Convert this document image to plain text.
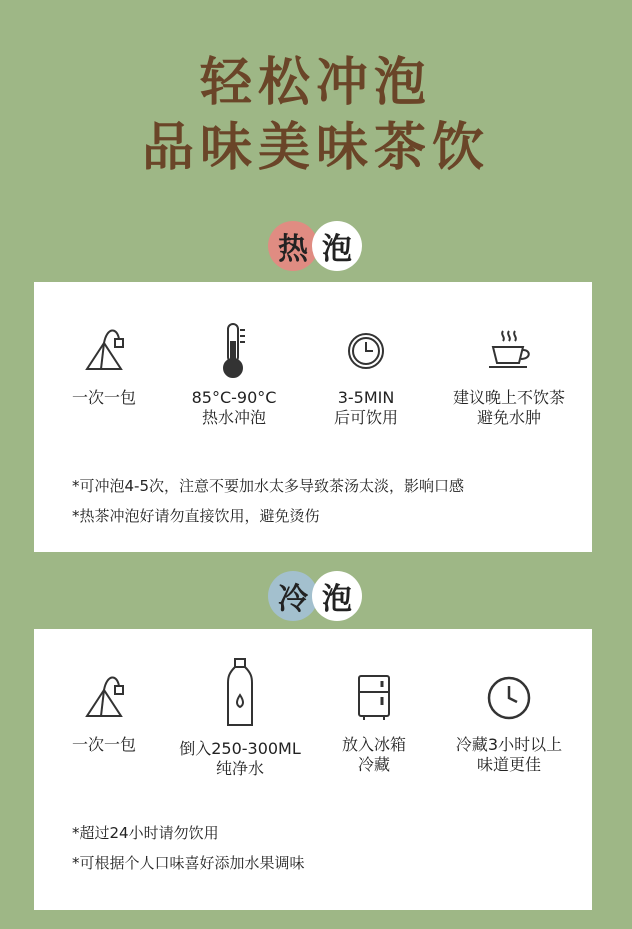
轻松冲泡
品味美味茶饮
热 泡
一次一包	85°C-90°C
热水冲泡
3-5MIN
后可饮用
建议晚上不饮茶
避免水肿
*可冲泡4-5次，注意不要加水太多导致茶汤太淡，影响口感
*热茶冲泡好请勿直接饮用，避免烫伤
冷 泡
一次一包	倒入250-300ML
纯净水
放入冰箱
冷藏
冷藏3小时以上
味道更佳
*超过24小时请勿饮用
*可根据个人口味喜好添加水果调味
